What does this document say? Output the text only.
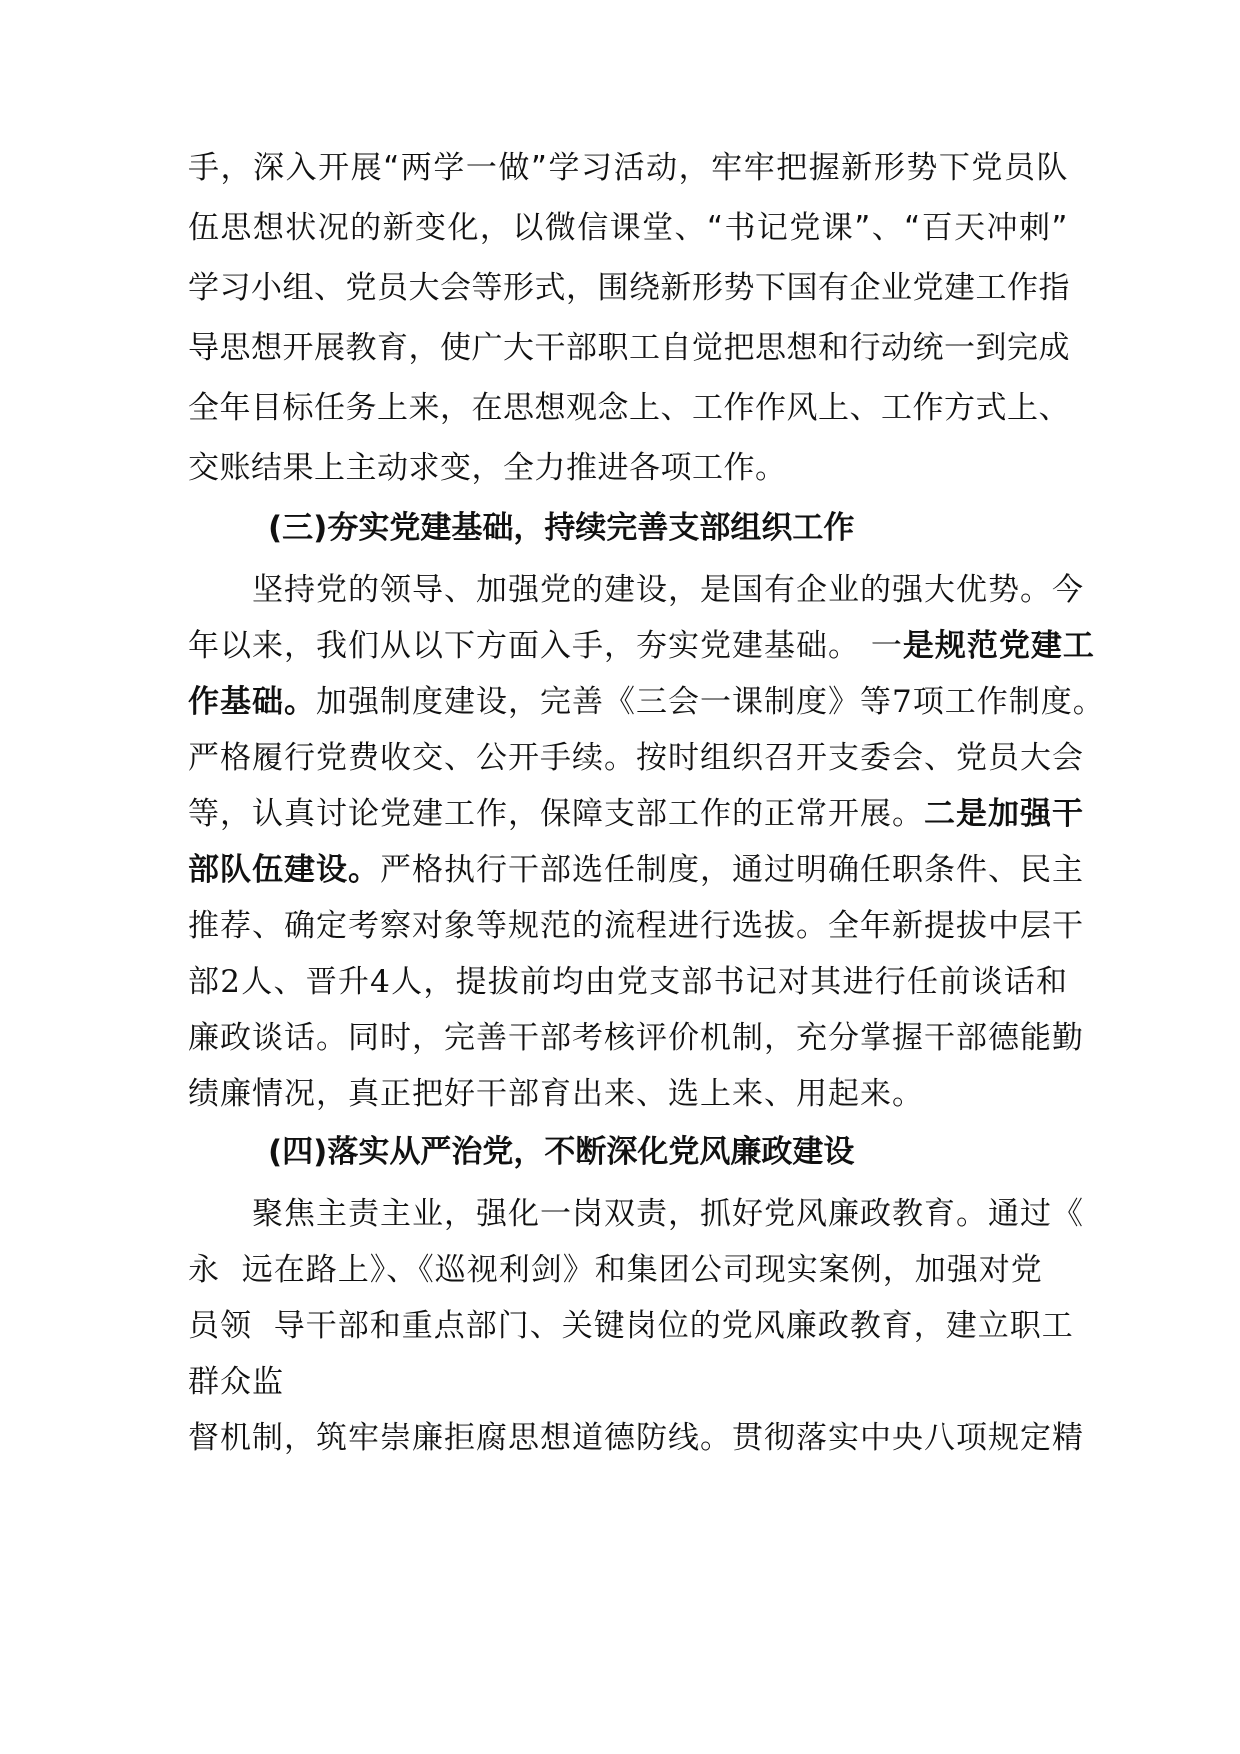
手，深入开展“两学一做”学习活动，牢牢把握新形势下党员队
伍思想状况的新变化，以微信课堂、“书记党课”、“百天冲刺”
学习小组、党员大会等形式，围绕新形势下国有企业党建工作指
导思想开展教育，使广大干部职工自觉把思想和行动统一到完成
全年目标任务上来，在思想观念上、工作作风上、工作方式上、
交账结果上主动求变，全力推进各项工作。
(三)夯实党建基础，持续完善支部组织工作
坚持党的领导、加强党的建设，是国有企业的强大优势。今
年以来，我们从以下方面入手，夯实党建基础。 一是规范党建工
作基础。加强制度建设，完善《三会一课制度》等7项工作制度。
严格履行党费收交、公开手续。按时组织召开支委会、党员大会
等，认真讨论党建工作，保障支部工作的正常开展。二是加强干
部队伍建设。严格执行干部选任制度，通过明确任职条件、民主
推荐、确定考察对象等规范的流程进行选拔。全年新提拔中层干
部2人、晋升4人，提拔前均由党支部书记对其进行任前谈话和
廉政谈话。同时，完善干部考核评价机制，充分掌握干部德能勤
绩廉情况，真正把好干部育出来、选上来、用起来。
(四)落实从严治党，不断深化党风廉政建设
聚焦主责主业，强化一岗双责，抓好党风廉政教育。通过《
永  远在路上》、《巡视利剑》和集团公司现实案例，加强对党
员领  导干部和重点部门、关键岗位的党风廉政教育，建立职工
群众监
督机制，筑牢崇廉拒腐思想道德防线。贯彻落实中央八项规定精
